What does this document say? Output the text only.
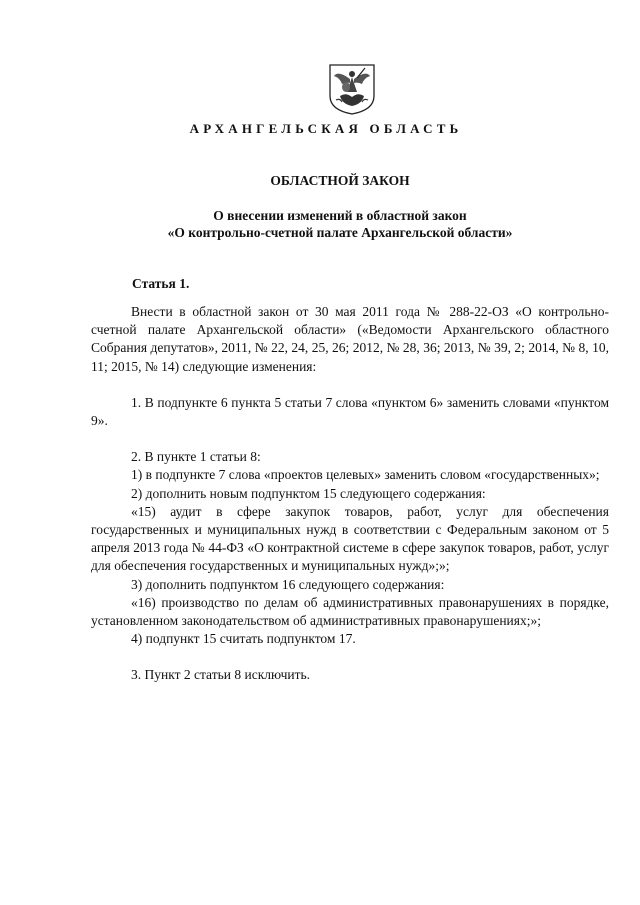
АРХАНГЕЛЬСКАЯ ОБЛАСТЬ
ОБЛАСТНОЙ ЗАКОН
О внесении изменений в областной закон
«О контрольно-счетной палате Архангельской области»
Статья 1.

Внести в областной закон от 30 мая 2011 года № 288-22-ОЗ «О контрольно-счетной палате Архангельской области» («Ведомости Архангельского областного Собрания депутатов», 2011, № 22, 24, 25, 26; 2012, № 28, 36; 2013, № 39, 2; 2014, № 8, 10, 11; 2015, № 14) следующие изменения:

1. В подпункте 6 пункта 5 статьи 7 слова «пунктом 6» заменить словами «пунктом 9».

2. В пункте 1 статьи 8:

1) в подпункте 7 слова «проектов целевых» заменить словом «государственных»;

2) дополнить новым подпунктом 15 следующего содержания:

«15) аудит в сфере закупок товаров, работ, услуг для обеспечения государственных и муниципальных нужд в соответствии с Федеральным законом от 5 апреля 2013 года № 44-ФЗ «О контрактной системе в сфере закупок товаров, работ, услуг для обеспечения государственных и муниципальных нужд»;»;

3) дополнить подпунктом 16 следующего содержания:

«16) производство по делам об административных правонарушениях в порядке, установленном законодательством об административных правонарушениях;»;

4) подпункт 15 считать подпунктом 17.

3. Пункт 2 статьи 8 исключить.
